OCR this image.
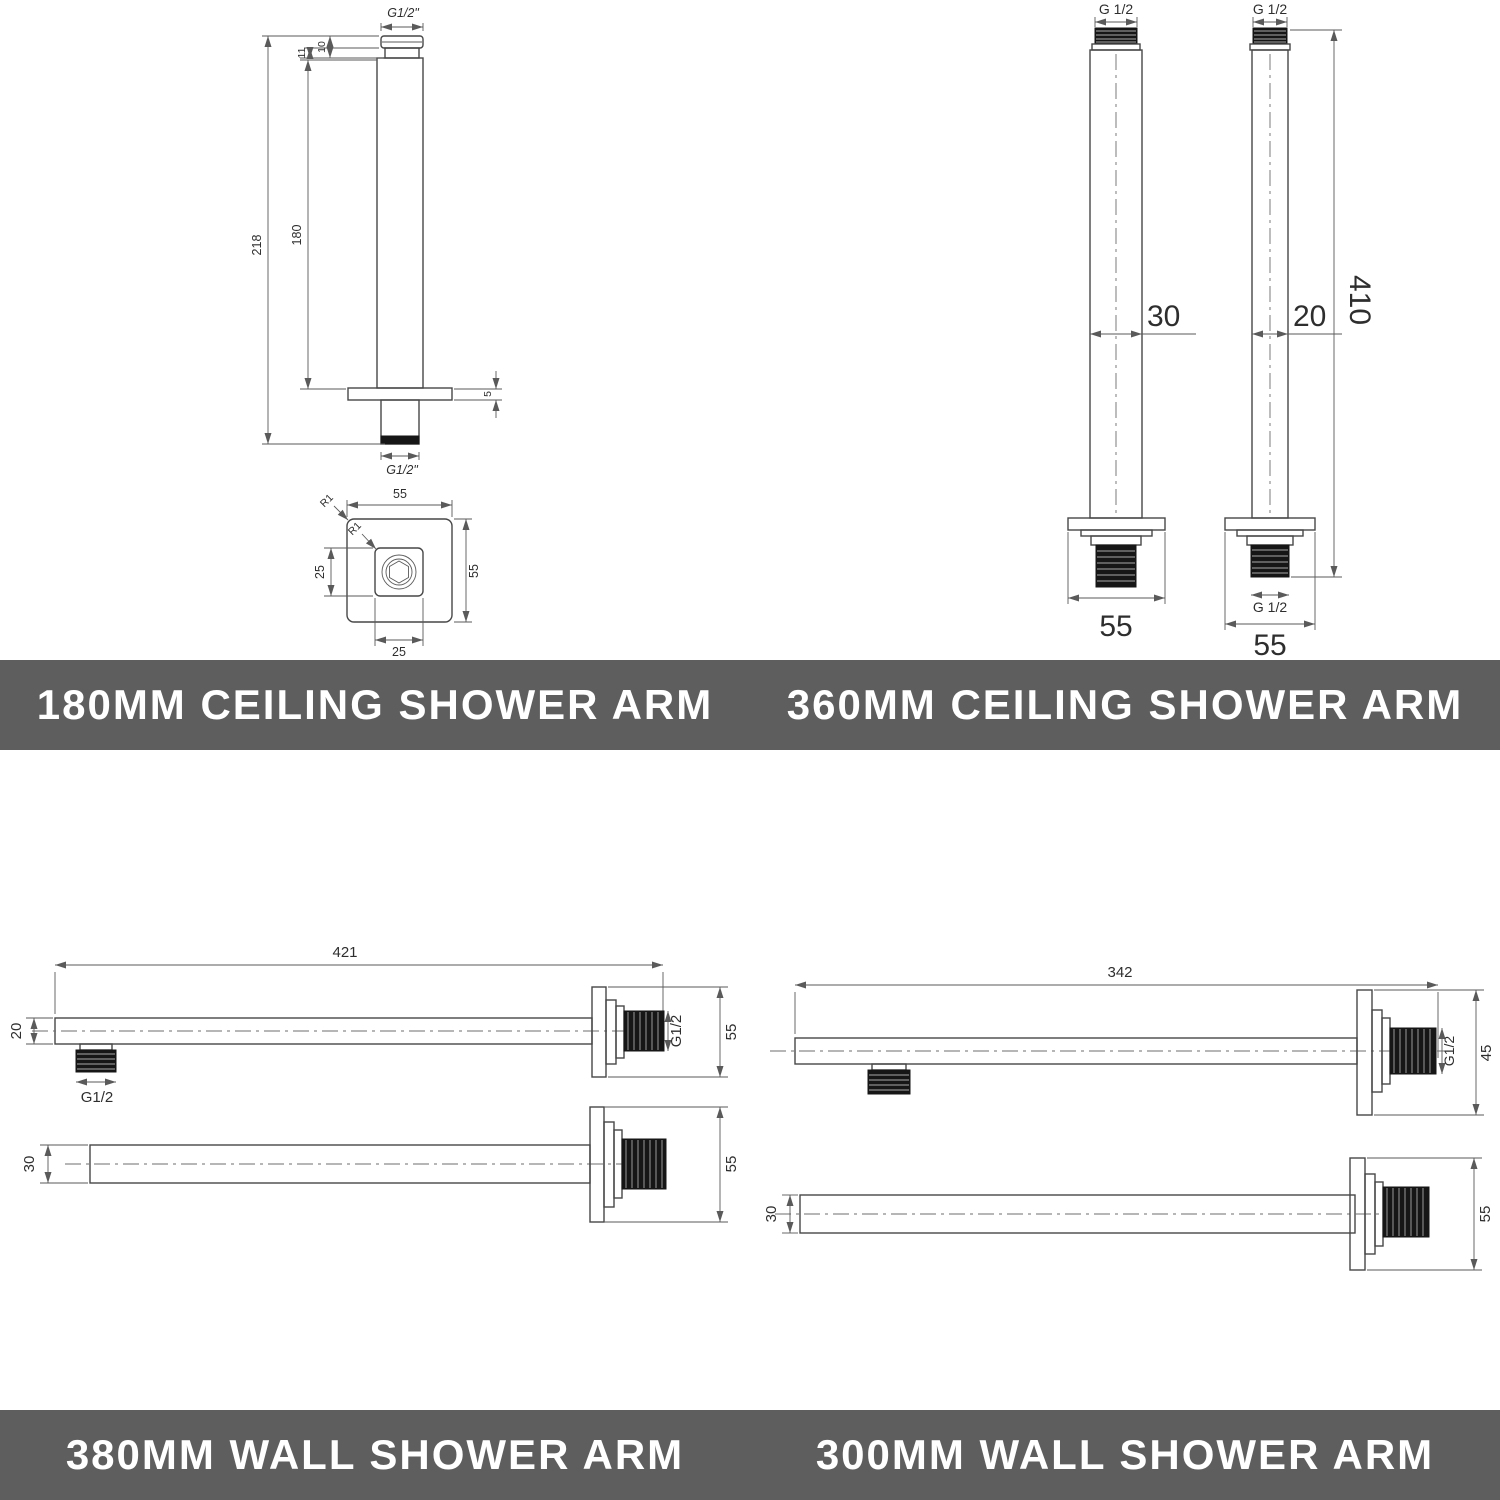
G1/2"
10
11
218 180
5
G1/2"
55
55
25
25
R1
R1
G 1/2
30
55
G 1/2
20 410
G 1/2
55
180MM CEILING SHOWER ARM 360MM CEILING SHOWER ARM
421
20
G1/2
G1/2	55
30	55
342
G1/2 45
30	55
380MM WALL SHOWER ARM	300MM WALL SHOWER ARM
